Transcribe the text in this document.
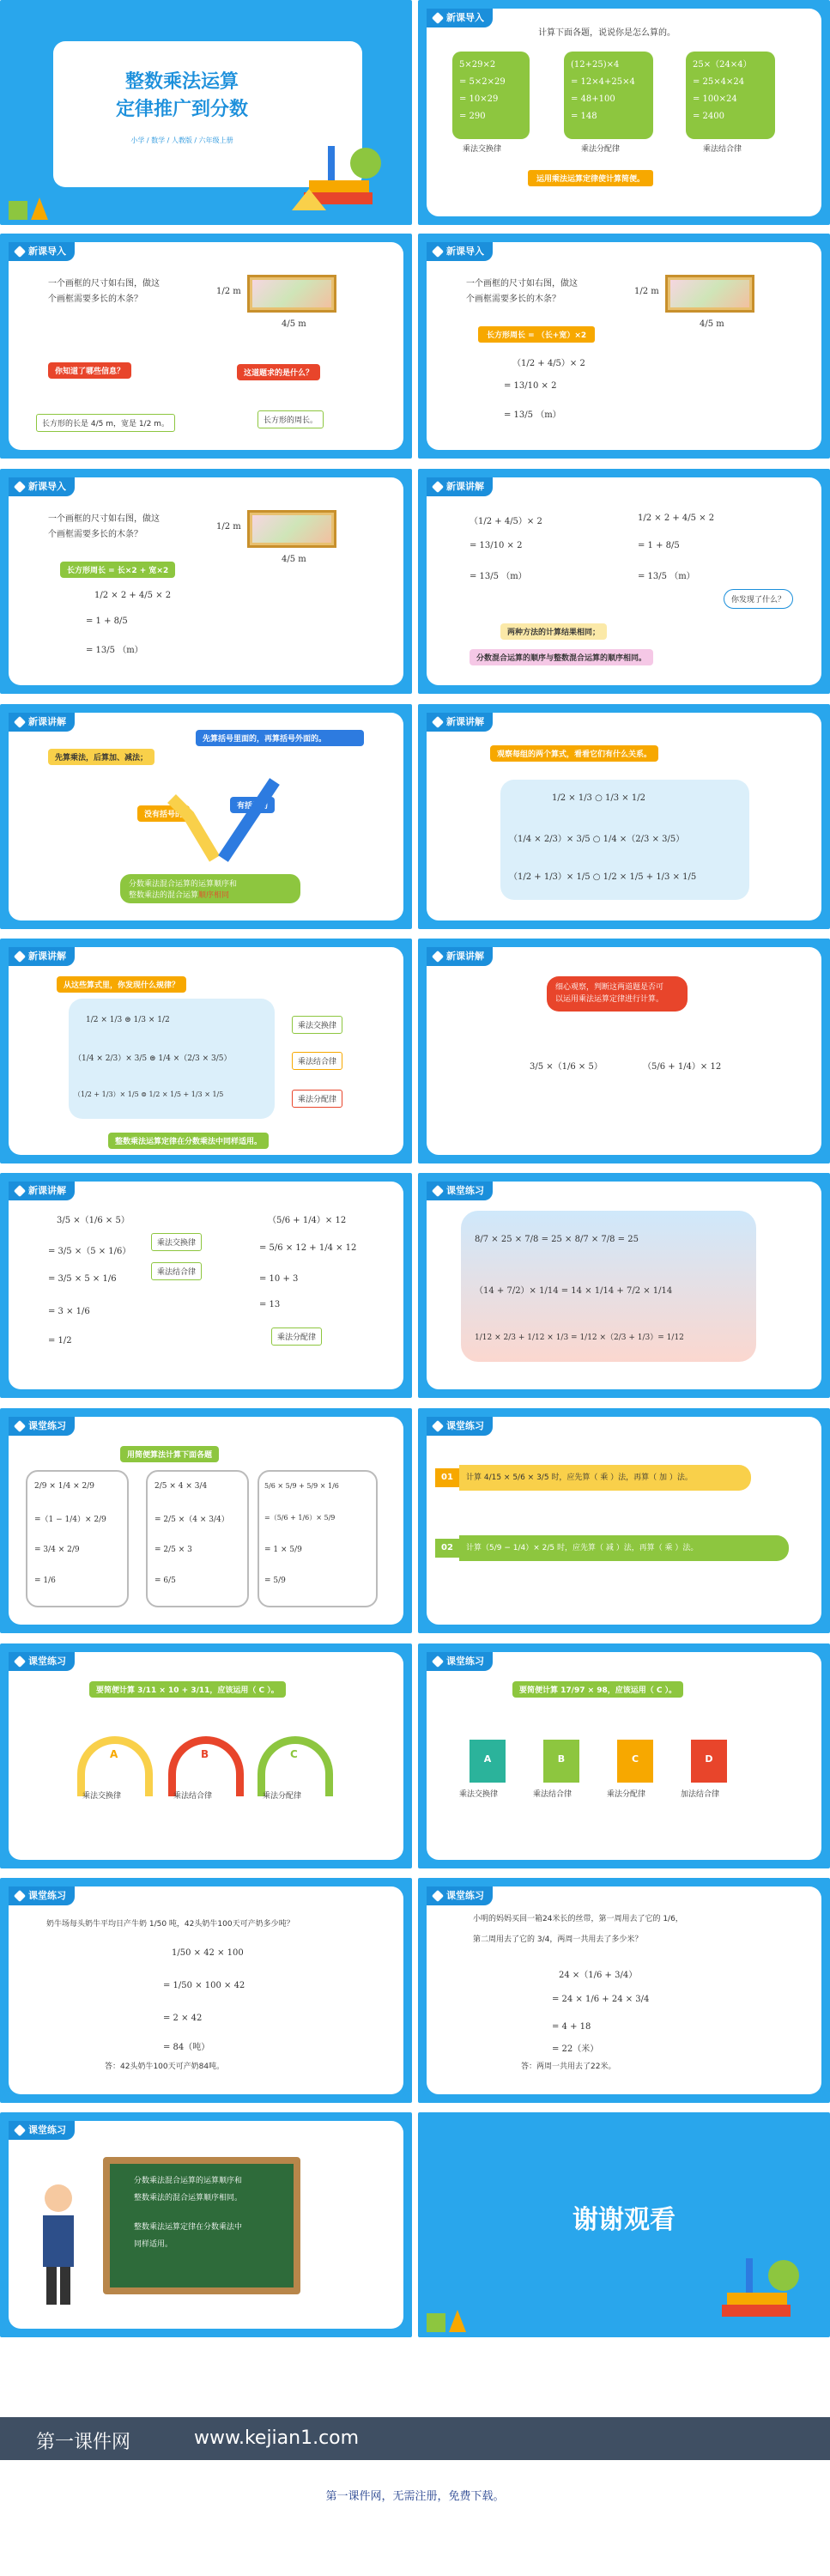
整数乘法运算
定律推广到分数
小学 / 数学 / 人教版 / 六年级上册
新课导入
计算下面各题，说说你是怎么算的。
5×29×2
= 5×2×29
= 10×29
= 290
(12+25)×4
= 12×4+25×4
= 48+100
= 148
25×（24×4）
= 25×4×24
= 100×24
= 2400
乘法交换律	乘法分配律	乘法结合律
运用乘法运算定律使计算简便。
新课导入
一个画框的尺寸如右图，做这
个画框需要多长的木条？
1/2 m
4/5 m
你知道了哪些信息？	这道题求的是什么？
长方形的长是 4/5 m，宽是 1/2 m。	长方形的周长。
新课导入
一个画框的尺寸如右图，做这
个画框需要多长的木条？
1/2 m
4/5 m
长方形周长 = （长+宽）×2
（1/2 + 4/5）× 2
= 13/10 × 2
= 13/5 （m）
新课导入
一个画框的尺寸如右图，做这
个画框需要多长的木条？
1/2 m
4/5 m
长方形周长 = 长×2 + 宽×2
1/2 × 2 + 4/5 × 2
= 1 + 8/5
= 13/5 （m）
新课讲解
（1/2 + 4/5）× 2
= 13/10 × 2
= 13/5 （m）
1/2 × 2 + 4/5 × 2
= 1 + 8/5
= 13/5 （m）
你发现了什么？
两种方法的计算结果相同；
分数混合运算的顺序与整数混合运算的顺序相同。
新课讲解
先算乘法，后算加、减法；
先算括号里面的，再算括号外面的。
没有括号的
有括号的
分数乘法混合运算的运算顺序和
整数乘法的混合运算顺序相同
新课讲解
观察每组的两个算式，看看它们有什么关系。
1/2 × 1/3 ○ 1/3 × 1/2
（1/4 × 2/3）× 3/5 ○ 1/4 ×（2/3 × 3/5）
（1/2 + 1/3）× 1/5 ○ 1/2 × 1/5 + 1/3 × 1/5
新课讲解
从这些算式里，你发现什么规律？
1/2 × 1/3 ⊜ 1/3 × 1/2
（1/4 × 2/3）× 3/5 ⊜ 1/4 ×（2/3 × 3/5）
（1/2 + 1/3）× 1/5 ⊜ 1/2 × 1/5 + 1/3 × 1/5
乘法交换律
乘法结合律
乘法分配律
整数乘法运算定律在分数乘法中同样适用。
新课讲解
细心观察，判断这两道题是否可
以运用乘法运算定律进行计算。
3/5 ×（1/6 × 5）	（5/6 + 1/4）× 12
新课讲解
3/5 ×（1/6 × 5）
= 3/5 ×（5 × 1/6）
= 3/5 × 5 × 1/6
= 3 × 1/6
= 1/2
乘法交换律
乘法结合律
（5/6 + 1/4）× 12
= 5/6 × 12 + 1/4 × 12
= 10 + 3
= 13
乘法分配律
课堂练习
8/7 × 25 × 7/8 = 25 × 8/7 × 7/8 = 25
（14 + 7/2）× 1/14 = 14 × 1/14 + 7/2 × 1/14
1/12 × 2/3 + 1/12 × 1/3 = 1/12 ×（2/3 + 1/3）= 1/12
课堂练习
用简便算法计算下面各题
2/9 × 1/4 × 2/9
=（1 − 1/4）× 2/9
= 3/4 × 2/9
= 1/6
2/5 × 4 × 3/4
= 2/5 ×（4 × 3/4）
= 2/5 × 3
= 6/5
5/6 × 5/9 + 5/9 × 1/6
=（5/6 + 1/6）× 5/9
= 1 × 5/9
= 5/9
课堂练习
01	计算 4/15 × 5/6 × 3/5 时，应先算（ 乘 ）法，再算（ 加 ）法。
02	计算（5/9 − 1/4）× 2/5 时，应先算（ 减 ）法，再算（ 乘 ）法。
课堂练习
要简便计算 3/11 × 10 + 3/11，应该运用（ C ）。
A
乘法交换律
B
乘法结合律
C
乘法分配律
课堂练习
要简便计算 17/97 × 98，应该运用（ C ）。
A	B	C	D
乘法交换律	乘法结合律	乘法分配律	加法结合律
课堂练习
奶牛场每头奶牛平均日产牛奶 1/50 吨，42头奶牛100天可产奶多少吨？
1/50 × 42 × 100
= 1/50 × 100 × 42
= 2 × 42
= 84（吨）
答：42头奶牛100天可产奶84吨。
课堂练习
小明的妈妈买回一箱24米长的丝带，第一周用去了它的 1/6，
第二周用去了它的 3/4，两周一共用去了多少米？
24 ×（1/6 + 3/4）
= 24 × 1/6 + 24 × 3/4
= 4 + 18
= 22（米）
答：两周一共用去了22米。
课堂练习
分数乘法混合运算的运算顺序和
整数乘法的混合运算顺序相同。
整数乘法运算定律在分数乘法中
同样适用。
谢谢观看
第一课件网	www.kejian1.com
第一课件网，无需注册，免费下载。
